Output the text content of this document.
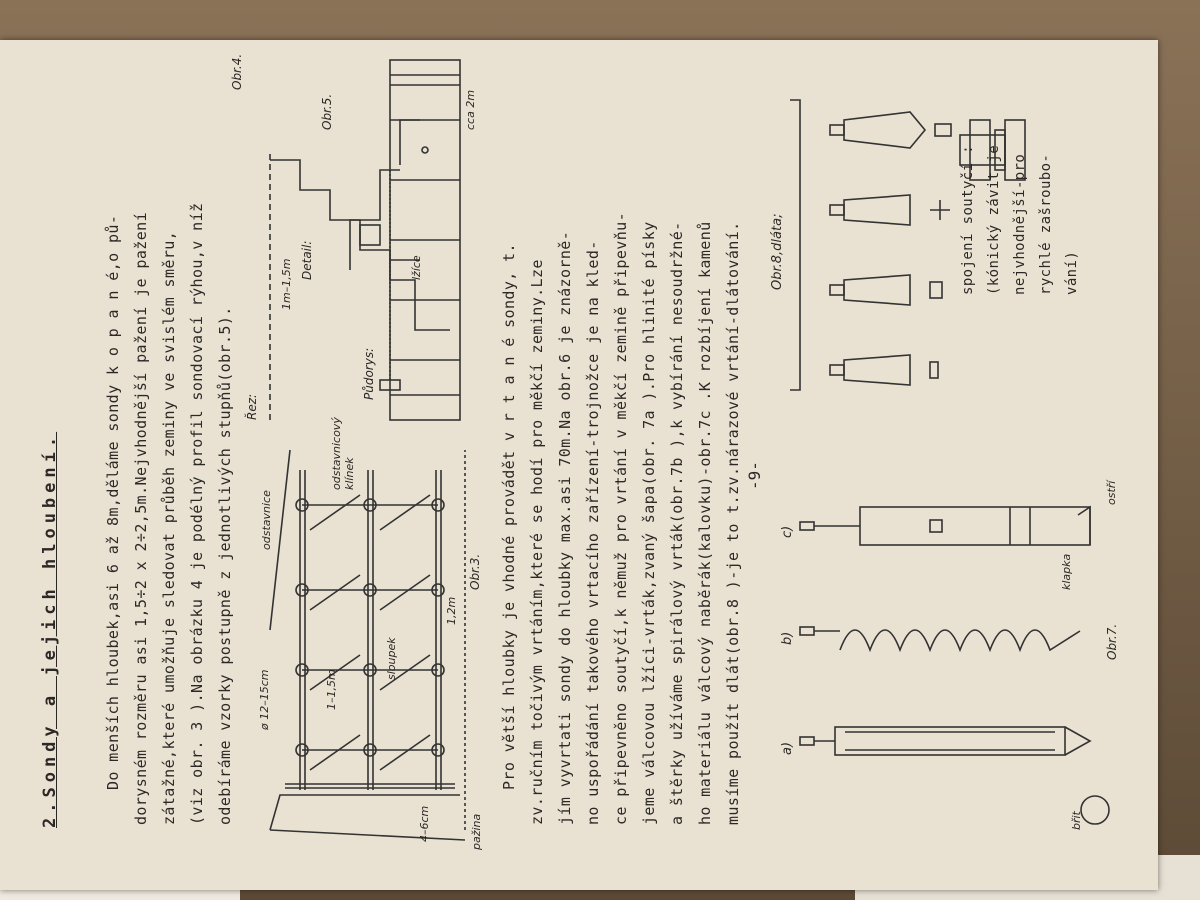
2.Sondy a jejich hloubení.	Do menších hloubek,asi 6 až 8m,děláme sondy k o p a n é,o pů- dorysném rozměru asi 1,5÷2 x 2÷2,5m.Nejvhodnější pažení je pažení zátažné,které umožňuje sledovat průběh zeminy ve svislém směru, (viz obr. 3 ).Na obrázku 4 je podélný profil sondovací rýhou,v níž odebíráme vzorky postupně z jednotlivých stupňů(obr.5). ø 12–15cm	1–1,5m
sloupek
1,2m
4–6cm	pažina
odstavnice
odstavnicový klínek
Obr.3.
Řez:
Půdorys:
1m–1,5m
cca 2m
Obr.4.
Detail:	lžíce
Obr.5.
Pro větší hloubky je vhodné provádět v r t a n é sondy, t. zv.ručním točivým vrtáním,které se hodí pro měkčí zeminy.Lze jím vyvrtati sondy do hloubky max.asi 70m.Na obr.6 je znázorně- no uspořádání takového vrtacího zařízení-trojnožce je na kled- ce připevněno soutyčí,k němuž pro vrtání v měkčí zemině připevňu- jeme válcovou lžíci-vrták,zvaný šapa(obr. 7a ).Pro hlinité písky a štěrky užíváme spirálový vrták(obr.7b ),k vybírání nesoudržné- ho materiálu válcový naběrák(kalovku)-obr.7c .K rozbíjení kamenů musíme použít dlát(obr.8 )-je to t.zv.nárazové vrtání-dlátování.	a)
b)
c)
břit
klapka
ostří
Obr.7.
Obr.8,dláta;	spojení soutyčí : (kónický závit je nejvhodnější-pro rychlé zašroubo- vání)
-9-
